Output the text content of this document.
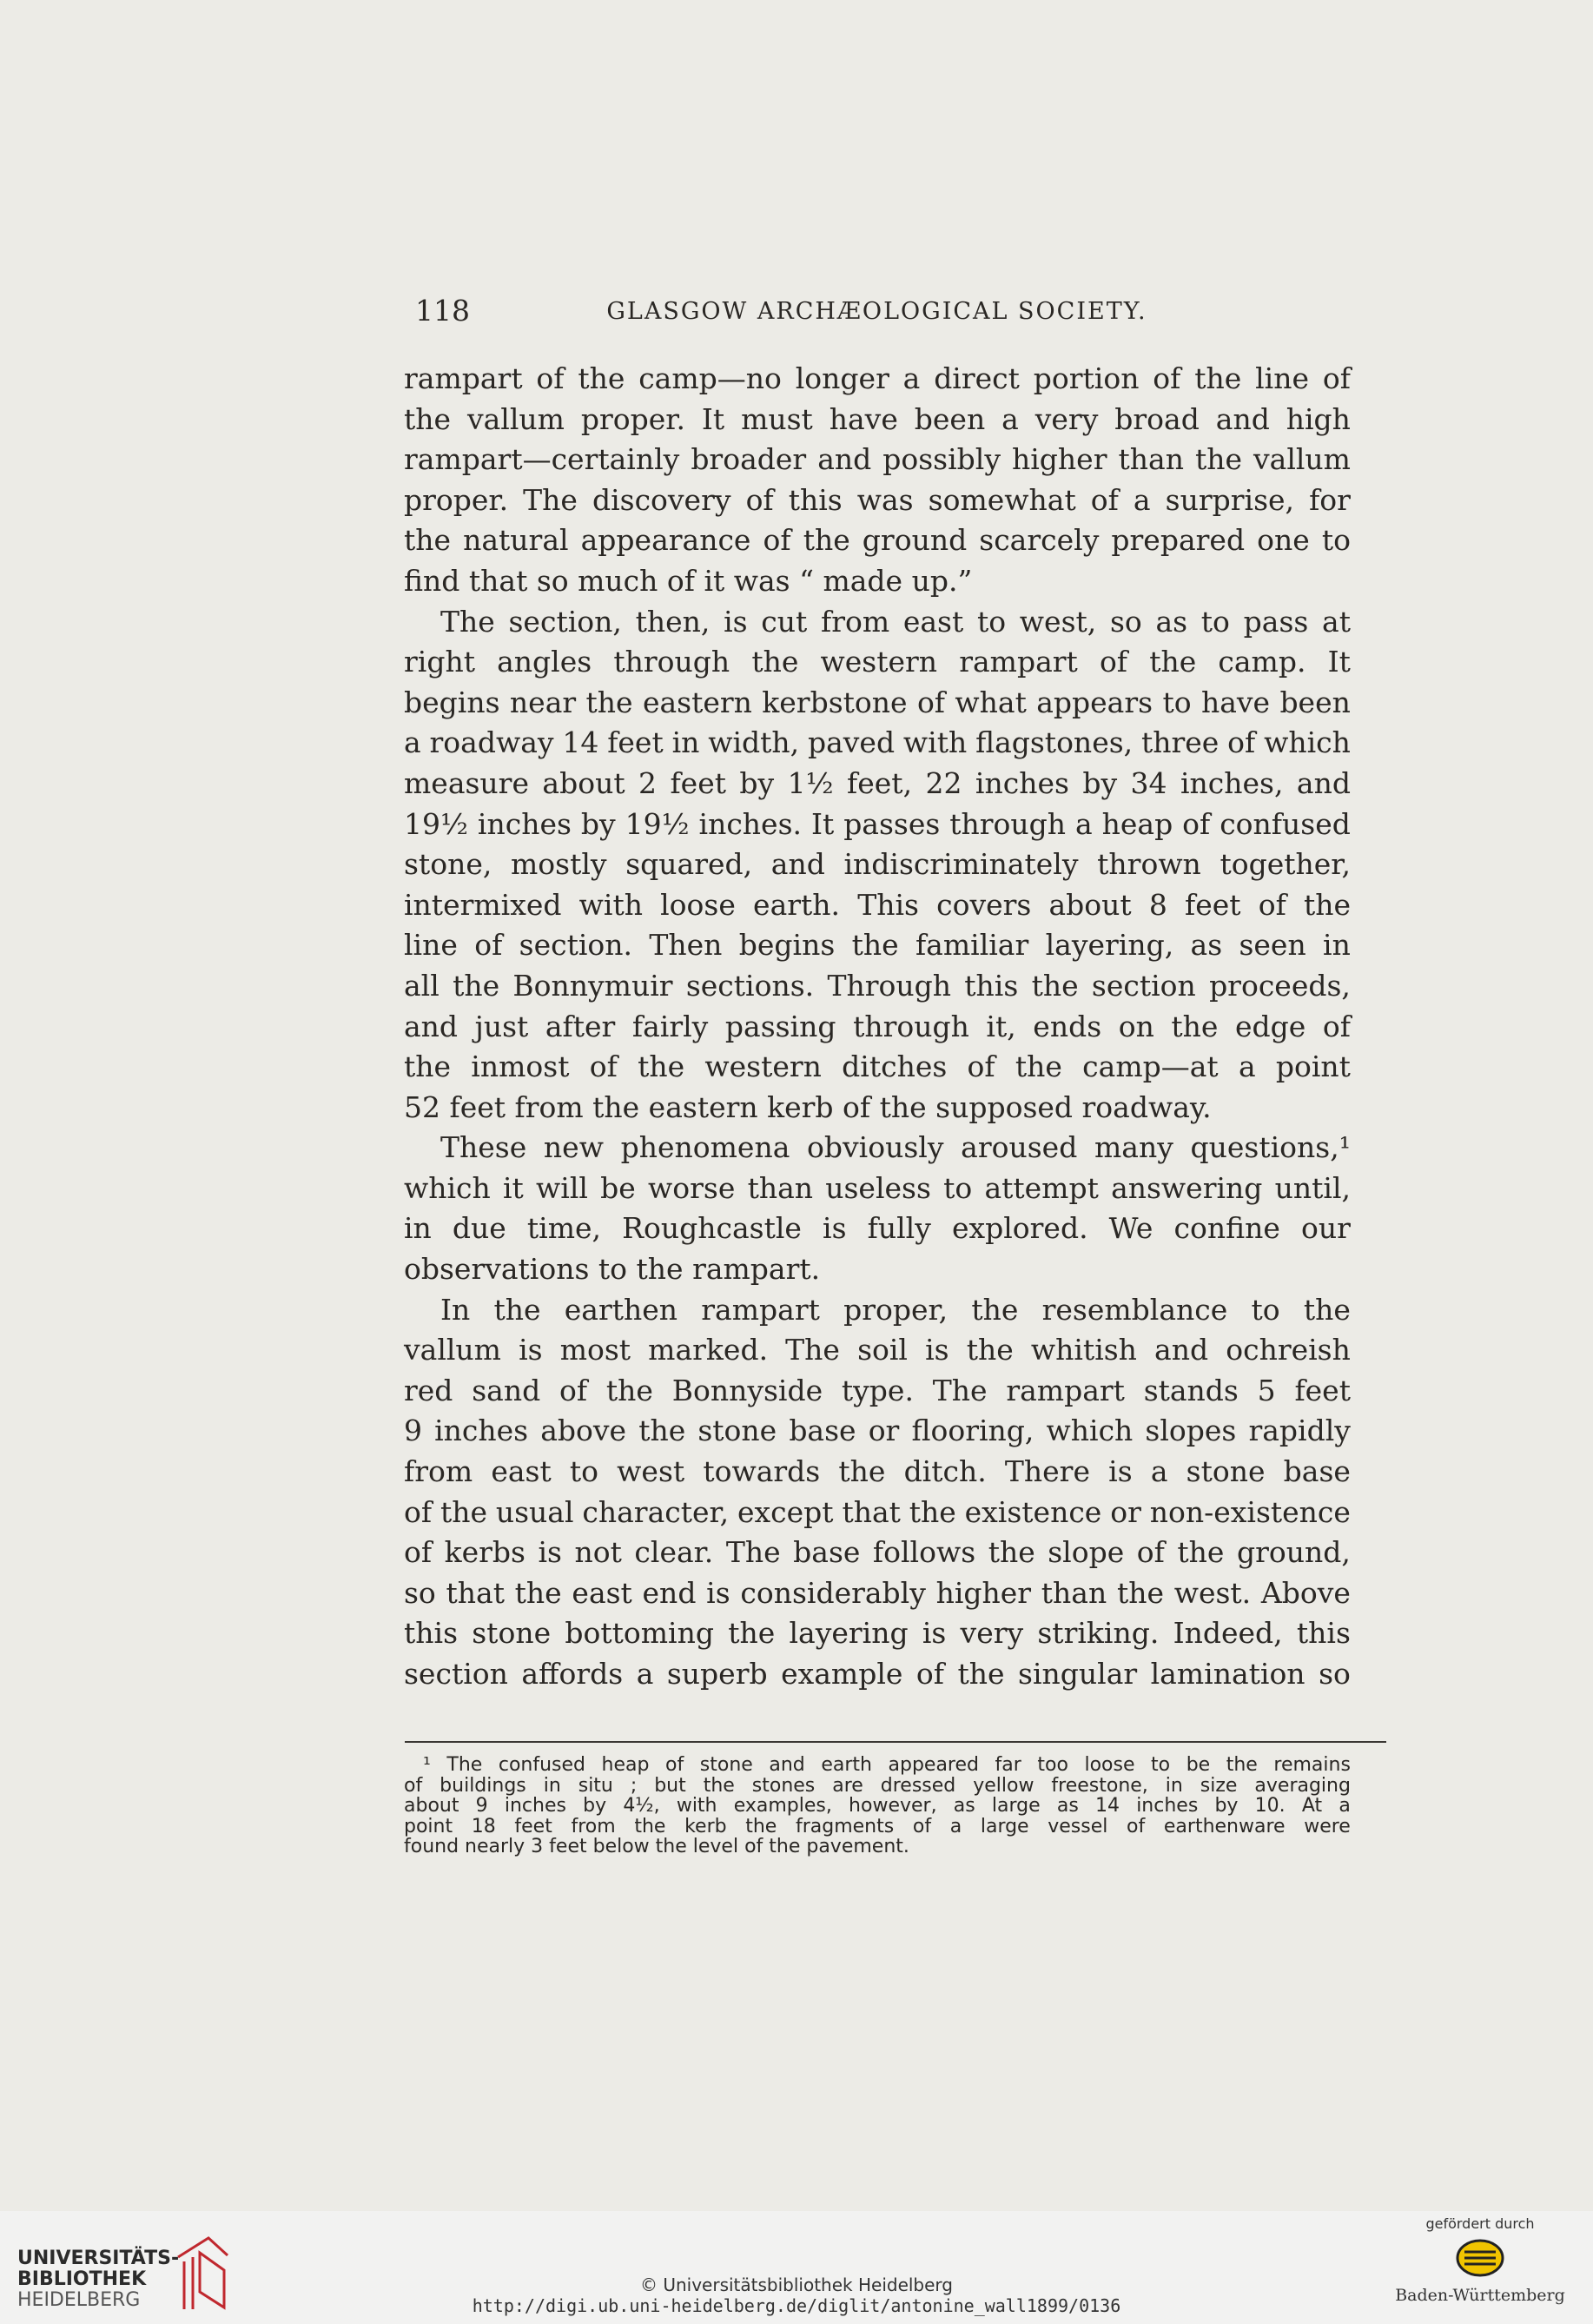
118	GLASGOW ARCHÆOLOGICAL SOCIETY.
rampart of the camp—no longer a direct portion of the line of
the vallum proper. It must have been a very broad and high
rampart—certainly broader and possibly higher than the vallum
proper. The discovery of this was somewhat of a surprise, for
the natural appearance of the ground scarcely prepared one to
find that so much of it was “ made up.”
The section, then, is cut from east to west, so as to pass at
right angles through the western rampart of the camp. It
begins near the eastern kerbstone of what appears to have been
a roadway 14 feet in width, paved with flagstones, three of which
measure about 2 feet by 1½ feet, 22 inches by 34 inches, and
19½ inches by 19½ inches. It passes through a heap of confused
stone, mostly squared, and indiscriminately thrown together,
intermixed with loose earth. This covers about 8 feet of the
line of section. Then begins the familiar layering, as seen in
all the Bonnymuir sections. Through this the section proceeds,
and just after fairly passing through it, ends on the edge of
the inmost of the western ditches of the camp—at a point
52 feet from the eastern kerb of the supposed roadway.
These new phenomena obviously aroused many questions,¹
which it will be worse than useless to attempt answering until,
in due time, Roughcastle is fully explored. We confine our
observations to the rampart.
In the earthen rampart proper, the resemblance to the
vallum is most marked. The soil is the whitish and ochreish
red sand of the Bonnyside type. The rampart stands 5 feet
9 inches above the stone base or flooring, which slopes rapidly
from east to west towards the ditch. There is a stone base
of the usual character, except that the existence or non-existence
of kerbs is not clear. The base follows the slope of the ground,
so that the east end is considerably higher than the west. Above
this stone bottoming the layering is very striking. Indeed, this
section affords a superb example of the singular lamination so
¹ The confused heap of stone and earth appeared far too loose to be the remains
of buildings in situ ; but the stones are dressed yellow freestone, in size averaging
about 9 inches by 4½, with examples, however, as large as 14 inches by 10. At a
point 18 feet from the kerb the fragments of a large vessel of earthenware were
found nearly 3 feet below the level of the pavement.
UNIVERSITÄTS-
BIBLIOTHEK
HEIDELBERG
© Universitätsbibliothek Heidelberg
http://digi.ub.uni-heidelberg.de/diglit/antonine_wall1899/0136
gefördert durch
Baden-Württemberg
